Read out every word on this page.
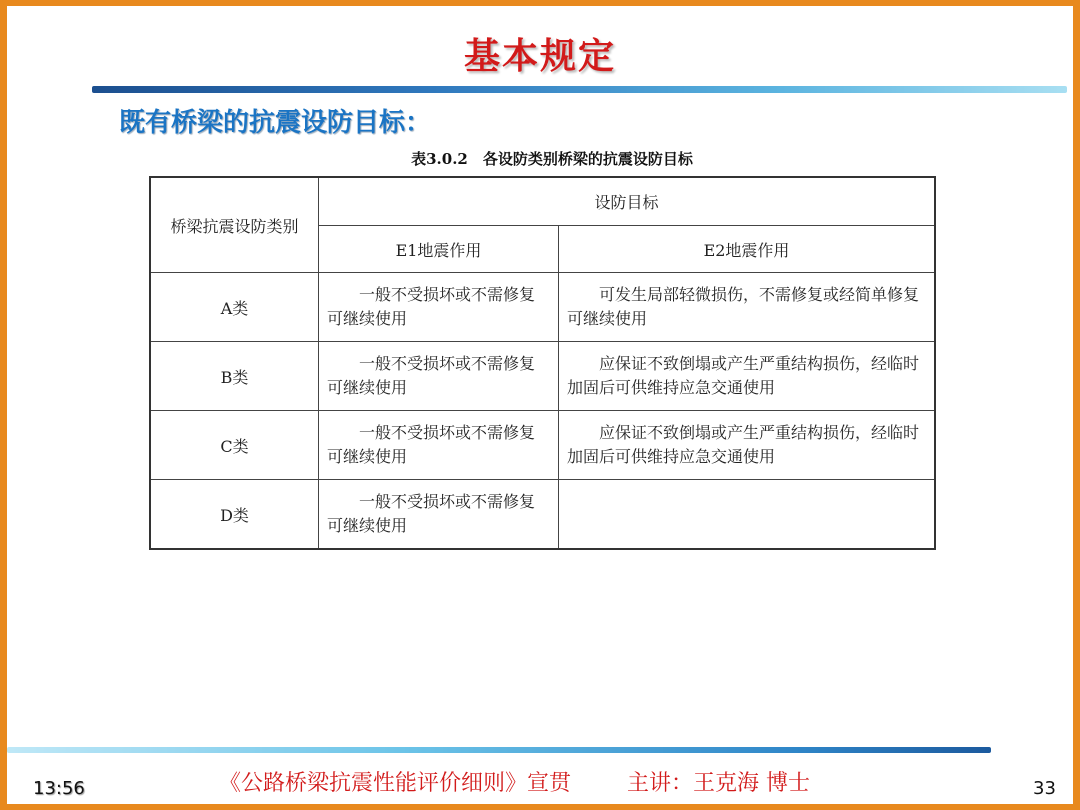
基本规定
既有桥梁的抗震设防目标：
表3.0.2　各设防类别桥梁的抗震设防目标
桥梁抗震设防类别	设防目标	
	E1地震作用	E2地震作用
A类	一般不受损坏或不需修复可继续使用	可发生局部轻微损伤，不需修复或经简单修复可继续使用
B类	一般不受损坏或不需修复可继续使用	应保证不致倒塌或产生严重结构损伤，经临时加固后可供维持应急交通使用
C类	一般不受损坏或不需修复可继续使用	应保证不致倒塌或产生严重结构损伤，经临时加固后可供维持应急交通使用
D类	一般不受损坏或不需修复可继续使用	
13:56	《公路桥梁抗震性能评价细则》宣贯	主讲：王克海 博士	33
